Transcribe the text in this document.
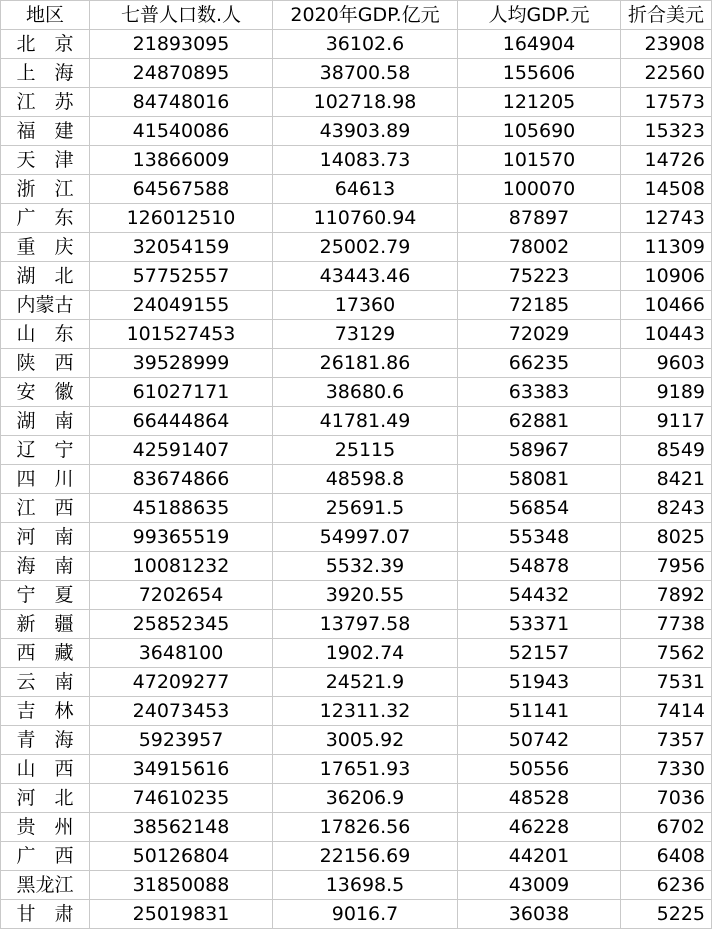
地区	七普人口数.人	2020年GDP.亿元	人均GDP.元	折合美元
北　京	21893095	36102.6	164904	23908
上　海	24870895	38700.58	155606	22560
江　苏	84748016	102718.98	121205	17573
福　建	41540086	43903.89	105690	15323
天　津	13866009	14083.73	101570	14726
浙　江	64567588	64613	100070	14508
广　东	126012510	110760.94	87897	12743
重　庆	32054159	25002.79	78002	11309
湖　北	57752557	43443.46	75223	10906
内蒙古	24049155	17360	72185	10466
山　东	101527453	73129	72029	10443
陕　西	39528999	26181.86	66235	9603
安　徽	61027171	38680.6	63383	9189
湖　南	66444864	41781.49	62881	9117
辽　宁	42591407	25115	58967	8549
四　川	83674866	48598.8	58081	8421
江　西	45188635	25691.5	56854	8243
河　南	99365519	54997.07	55348	8025
海　南	10081232	5532.39	54878	7956
宁　夏	7202654	3920.55	54432	7892
新　疆	25852345	13797.58	53371	7738
西　藏	3648100	1902.74	52157	7562
云　南	47209277	24521.9	51943	7531
吉　林	24073453	12311.32	51141	7414
青　海	5923957	3005.92	50742	7357
山　西	34915616	17651.93	50556	7330
河　北	74610235	36206.9	48528	7036
贵　州	38562148	17826.56	46228	6702
广　西	50126804	22156.69	44201	6408
黑龙江	31850088	13698.5	43009	6236
甘　肃	25019831	9016.7	36038	5225
